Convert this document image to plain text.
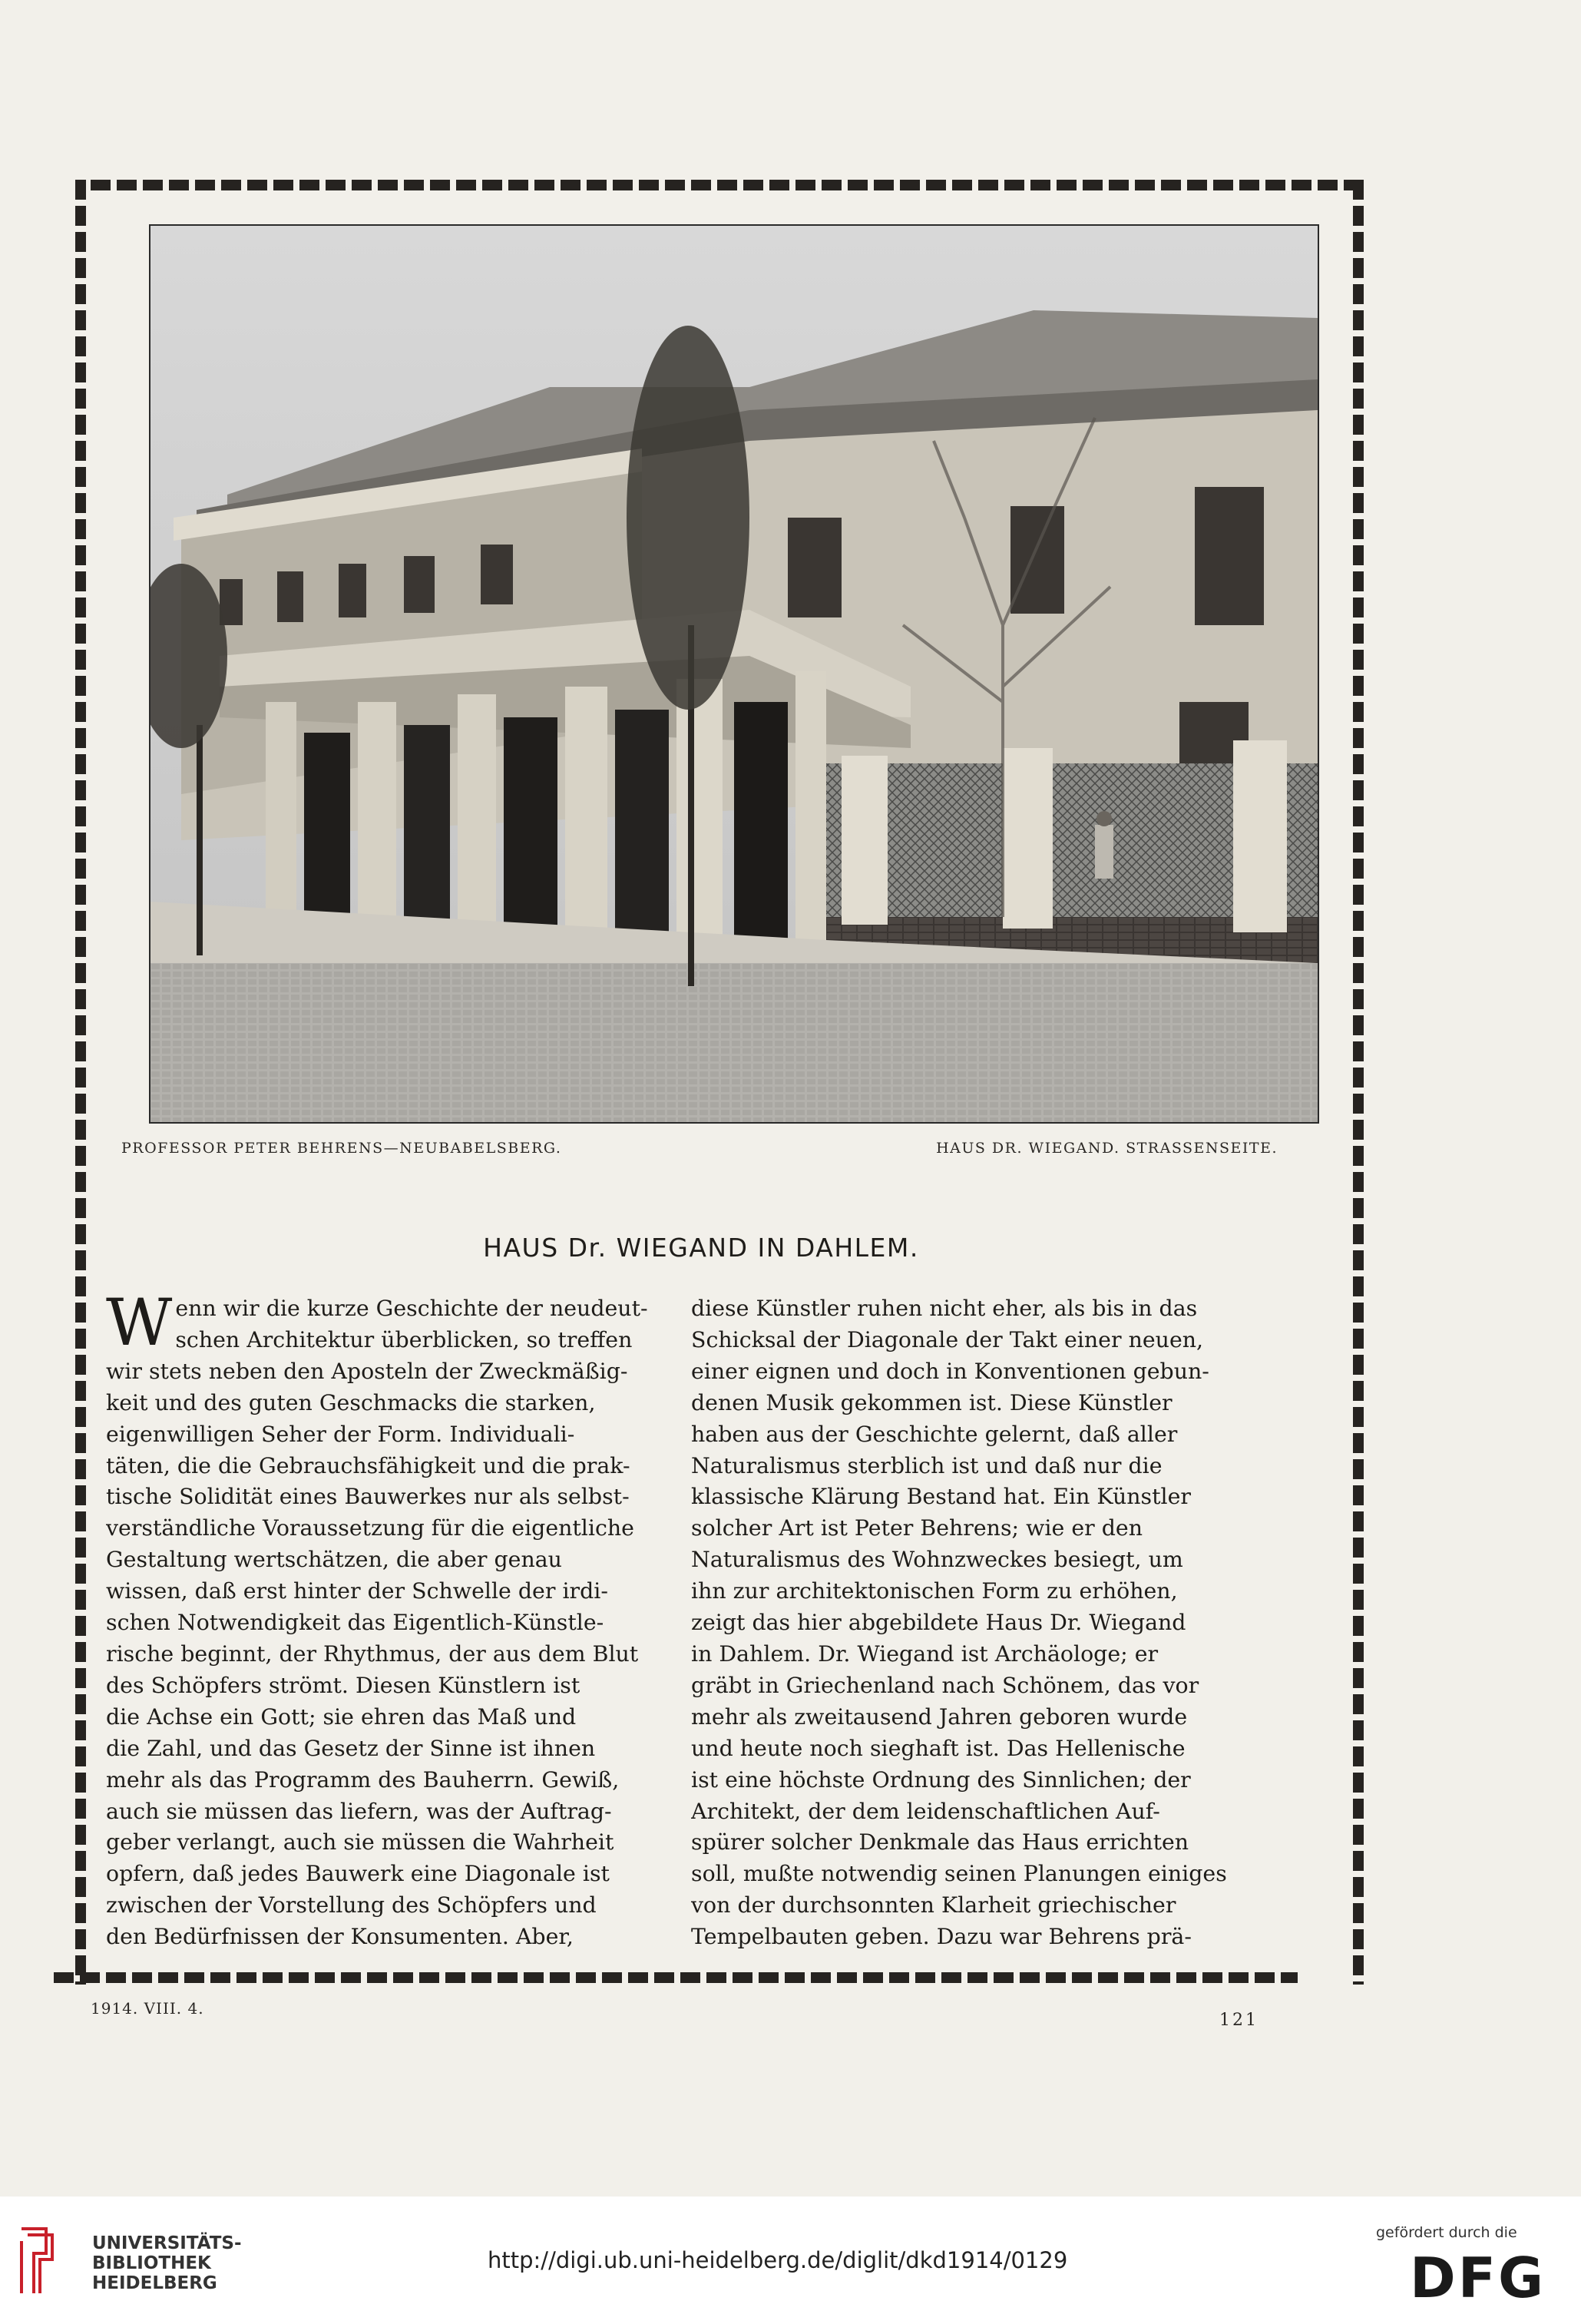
PROFESSOR PETER BEHRENS—NEUBABELSBERG.	HAUS DR. WIEGAND. STRASSENSEITE.
HAUS Dr. WIEGAND IN DAHLEM.
W enn wir die kurze Geschichte der neudeut-
schen Architektur überblicken, so treffen
wir stets neben den Aposteln der Zweckmäßig-
keit und des guten Geschmacks die starken,
eigenwilligen Seher der Form. Individuali-
täten, die die Gebrauchsfähigkeit und die prak-
tische Solidität eines Bauwerkes nur als selbst-
verständliche Voraussetzung für die eigentliche
Gestaltung wertschätzen, die aber genau
wissen, daß erst hinter der Schwelle der irdi-
schen Notwendigkeit das Eigentlich-Künstle-
rische beginnt, der Rhythmus, der aus dem Blut
des Schöpfers strömt. Diesen Künstlern ist
die Achse ein Gott; sie ehren das Maß und
die Zahl, und das Gesetz der Sinne ist ihnen
mehr als das Programm des Bauherrn. Gewiß,
auch sie müssen das liefern, was der Auftrag-
geber verlangt, auch sie müssen die Wahrheit
opfern, daß jedes Bauwerk eine Diagonale ist
zwischen der Vorstellung des Schöpfers und
den Bedürfnissen der Konsumenten. Aber,
diese Künstler ruhen nicht eher, als bis in das
Schicksal der Diagonale der Takt einer neuen,
einer eignen und doch in Konventionen gebun-
denen Musik gekommen ist. Diese Künstler
haben aus der Geschichte gelernt, daß aller
Naturalismus sterblich ist und daß nur die
klassische Klärung Bestand hat. Ein Künstler
solcher Art ist Peter Behrens; wie er den
Naturalismus des Wohnzweckes besiegt, um
ihn zur architektonischen Form zu erhöhen,
zeigt das hier abgebildete Haus Dr. Wiegand
in Dahlem. Dr. Wiegand ist Archäologe; er
gräbt in Griechenland nach Schönem, das vor
mehr als zweitausend Jahren geboren wurde
und heute noch sieghaft ist. Das Hellenische
ist eine höchste Ordnung des Sinnlichen; der
Architekt, der dem leidenschaftlichen Auf-
spürer solcher Denkmale das Haus errichten
soll, mußte notwendig seinen Planungen einiges
von der durchsonnten Klarheit griechischer
Tempelbauten geben. Dazu war Behrens prä-
1914. VIII. 4.
121
UNIVERSITÄTS-
BIBLIOTHEK
HEIDELBERG
http://digi.ub.uni-heidelberg.de/diglit/dkd1914/0129
gefördert durch die
DFG
